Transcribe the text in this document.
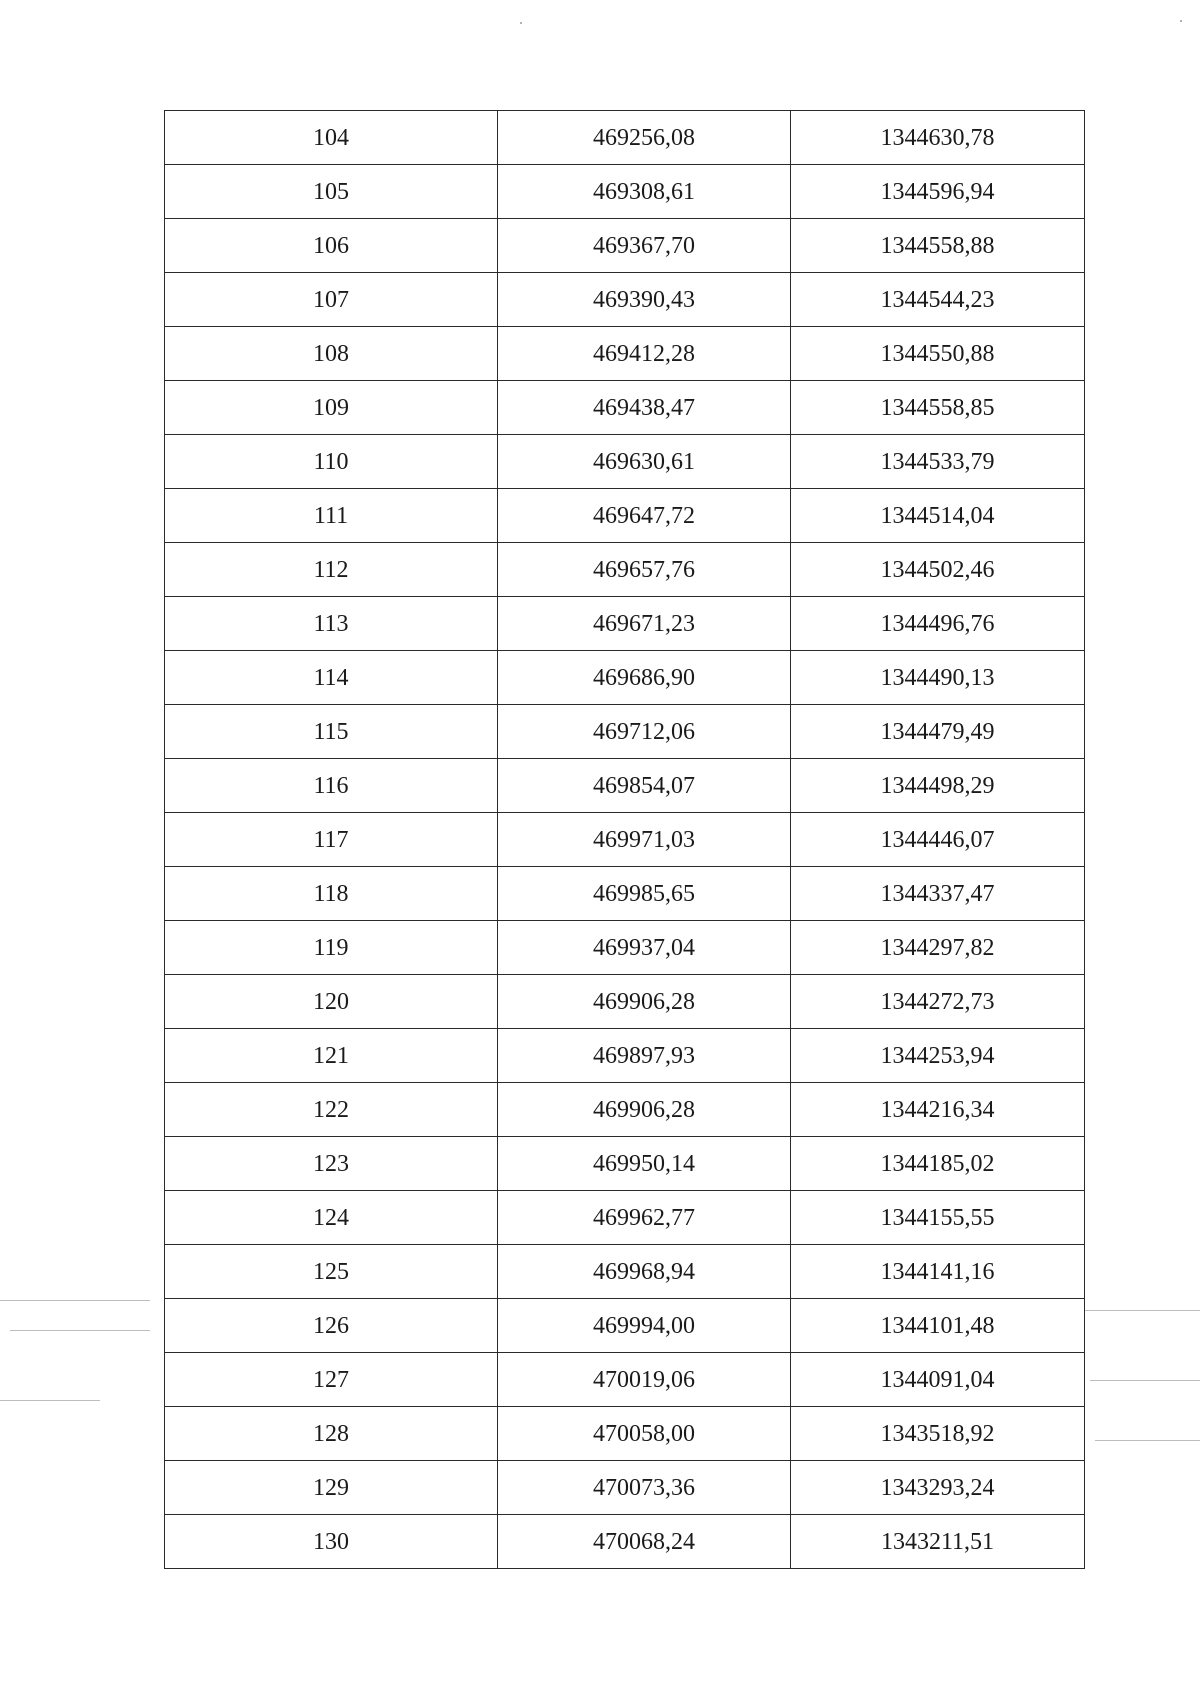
104	469256,08	1344630,78
105	469308,61	1344596,94
106	469367,70	1344558,88
107	469390,43	1344544,23
108	469412,28	1344550,88
109	469438,47	1344558,85
110	469630,61	1344533,79
111	469647,72	1344514,04
112	469657,76	1344502,46
113	469671,23	1344496,76
114	469686,90	1344490,13
115	469712,06	1344479,49
116	469854,07	1344498,29
117	469971,03	1344446,07
118	469985,65	1344337,47
119	469937,04	1344297,82
120	469906,28	1344272,73
121	469897,93	1344253,94
122	469906,28	1344216,34
123	469950,14	1344185,02
124	469962,77	1344155,55
125	469968,94	1344141,16
126	469994,00	1344101,48
127	470019,06	1344091,04
128	470058,00	1343518,92
129	470073,36	1343293,24
130	470068,24	1343211,51
